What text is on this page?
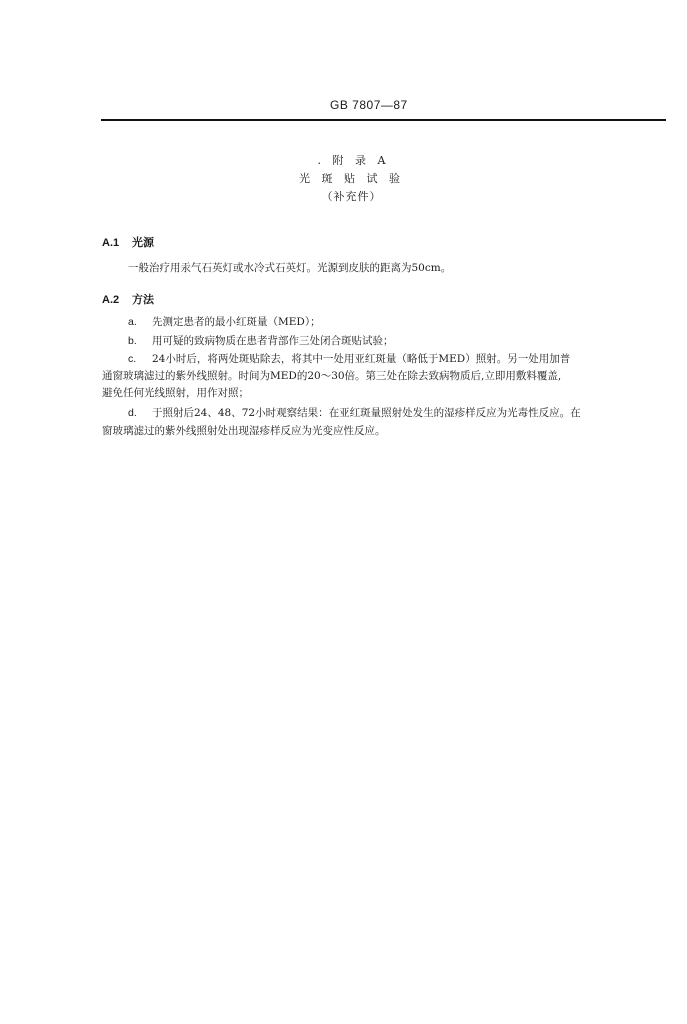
GB 7807—87
. 附 录 A
光 斑 贴 试 验
（补充件）
A.1 光源
一般治疗用汞气石英灯或水冷式石英灯。光源到皮肤的距离为50cm。
A.2 方法
a. 先测定患者的最小红斑量（MED）；
b. 用可疑的致病物质在患者背部作三处闭合斑贴试验；
c. 24小时后，将两处斑贴除去，将其中一处用亚红斑量（略低于MED）照射。另一处用加普
通窗玻璃滤过的紫外线照射。时间为MED的20～30倍。第三处在除去致病物质后,立即用敷料覆盖,
避免任何光线照射，用作对照；
d. 于照射后24、48、72小时观察结果：在亚红斑量照射处发生的湿疹样反应为光毒性反应。在
窗玻璃滤过的紫外线照射处出现湿疹样反应为光变应性反应。
